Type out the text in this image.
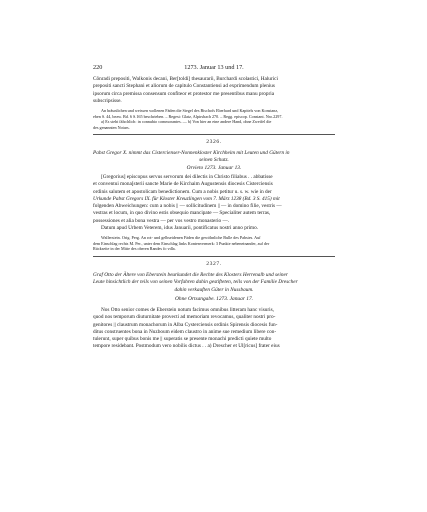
220	1273. Januar 13 und 17.

Cônradi prepositi, Walkonis decani, Ber[toldi] thesaurarii, Burchardi scolastici, Halurici

prepositi sancti Stephani et aliorum de capitulo Constantiensi ad exprimendum plenius

ipsorum circa premissa consensum confiteor et protestor me presentibus manu propria

subscripsisse.

An brâunlichen und weissen wollenen Fäden die Siegel des Bischofs Eberhard und Kapitels von Konstanz,

eben S. 44, bezw. Bd. 6 S.165 beschrieben. – Regest: Glatz, Alpirsbach 270. – Regg. episcop. Constant. Nro.2297.

a) Es steht fälschlich: in connubio commorantes. — b) Von hier an eine andere Hand, ohne Zweifel die

des genannten Notars.

2326.
Pabst Gregor X. nimmt das Cistercienser-Nonnenkloster Kirchheim mit Leuten und Gütern in
seinen Schutz.
Orvieto 1273. Januar 13.

[Gregorius] episcopus servus servorum dei dilectis in Christo filiabus . . abbatisse

et conventui mona[sterii sancte Marie de Kirchaim Augustensis diocesis Cisterciensis

ordinis salutem et apostolicam benedictionem. Cum a nobis petitur u. s. w. wie in der

Urkunde Pabst Gregors IX. für Kloster Kreuzlingen vom 7. März 1238 (Bd. 3 S. 415) mit

folgenden Abweichungen: cum a nobis || — sollicitudinem || — in domino filie, vestris —

vestras et locum, in quo divino estis obsequio mancipate — Specialiter autem terras,

possessiones et alia bona vestra — per vos vestro monasterio —.

Datum apud Urbem Veterem, idus Januarii, pontificatus nostri anno primo.

Wallerstein. Orig. Perg. An rot- und gelbseidenen Fäden die gewöhnliche Bulle des Pabstes. Auf

dem Einschlag rechts M. Per., unter dem Einschlag links Kontenvermerk: 3 Punkte nebeneinander, auf der

Rückseite in der Mitte des oberen Randes fo vdla.

2327.
Graf Otto der Ältere von Eberstein beurkundet die Rechte des Klosters Herrenalb und seiner
Leute hinsichtlich der teils von seinen Vorfahren dahin gestifteten, teils von der Familie Drescher
dahin verkauften Güter in Nussbaum.
Ohne Ortsangabe. 1273. Januar 17.

Nos Otto senior comes de Eberstein notum facimus omnibus litteram hanc visuris,

quod nos temporum diuturnitate provecti ad memoriam revocamus, qualiter nostri pro-

genitores || claustrum monachorum in Alba Cysterciensis ordinis Spirensis diocesis fun-

ditus construentes bona in Nuzboum eidem claustro in anime sue remedium libere con-

tulerunt, super quibus bonis me || superatis se presente monachi predicti quiete multo

tempore residebant. Postmodum vero nobilis dictus . . a) Drescher et Ul[ricus] frater eius
